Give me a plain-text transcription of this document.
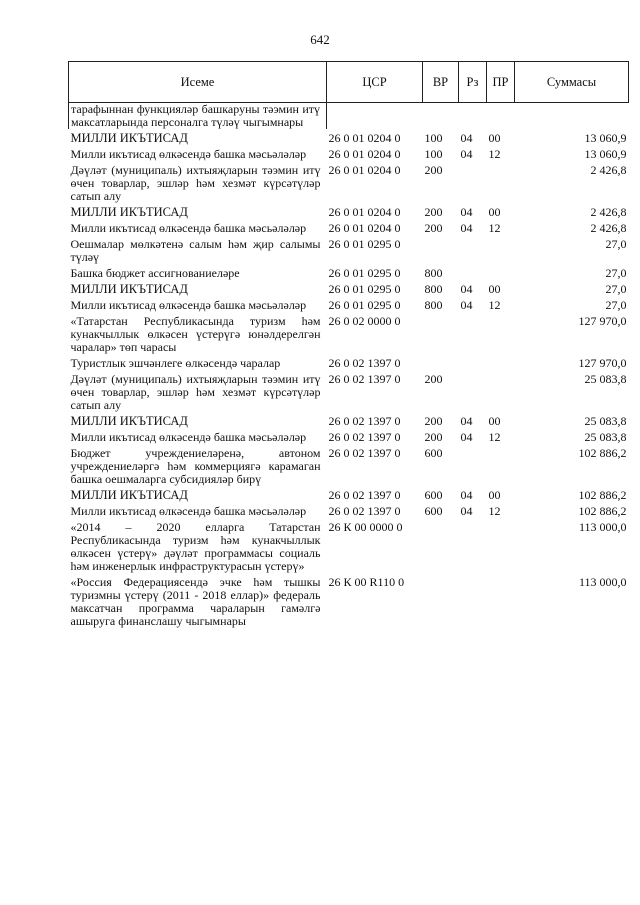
642
Исеме	ЦСР	ВР	Рз	ПР	Суммасы
тарафыннан функцияләр башкаруны тәэмин итү максатларында персоналга түләү чыгымнары					
МИЛЛИ ИКЪТИСАД	26 0 01 0204 0	100	04	00	13 060,9
Милли икътисад өлкәсендә башка мәсьәләләр	26 0 01 0204 0	100	04	12	13 060,9
Дәүләт (муниципаль) ихтыяҗларын тәэмин итү өчен товарлар, эшләр һәм хезмәт күрсәтүләр сатып алу	26 0 01 0204 0	200			2 426,8
МИЛЛИ ИКЪТИСАД	26 0 01 0204 0	200	04	00	2 426,8
Милли икътисад өлкәсендә башка мәсьәләләр	26 0 01 0204 0	200	04	12	2 426,8
Оешмалар мөлкәтенә салым һәм җир салымы түләү	26 0 01 0295 0				27,0
Башка бюджет ассигнованиеләре	26 0 01 0295 0	800			27,0
МИЛЛИ ИКЪТИСАД	26 0 01 0295 0	800	04	00	27,0
Милли икътисад өлкәсендә башка мәсьәләләр	26 0 01 0295 0	800	04	12	27,0
«Татарстан Республикасында туризм һәм кунакчыллык өлкәсен үстерүгә юнәлдерелгән чаралар» төп чарасы	26 0 02 0000 0				127 970,0
Туристлык эшчәнлеге өлкәсендә чаралар	26 0 02 1397 0				127 970,0
Дәүләт (муниципаль) ихтыяҗларын тәэмин итү өчен товарлар, эшләр һәм хезмәт күрсәтүләр сатып алу	26 0 02 1397 0	200			25 083,8
МИЛЛИ ИКЪТИСАД	26 0 02 1397 0	200	04	00	25 083,8
Милли икътисад өлкәсендә башка мәсьәләләр	26 0 02 1397 0	200	04	12	25 083,8
Бюджет учреждениеләренә, автоном учреждениеләргә һәм коммерциягә карамаган башка оешмаларга субсидияләр бирү	26 0 02 1397 0	600			102 886,2
МИЛЛИ ИКЪТИСАД	26 0 02 1397 0	600	04	00	102 886,2
Милли икътисад өлкәсендә башка мәсьәләләр	26 0 02 1397 0	600	04	12	102 886,2
«2014 – 2020 елларга Татарстан Республикасында туризм һәм кунакчыллык өлкәсен үстерү» дәүләт программасы социаль һәм инженерлык инфраструктурасын үстерү»	26 К 00 0000 0				113 000,0
«Россия Федерациясендә эчке һәм тышкы туризмны үстерү (2011 - 2018 еллар)» федераль максатчан программа чараларын гамәлгә ашыруга финанслашу чыгымнары	26 К 00 R110 0				113 000,0
